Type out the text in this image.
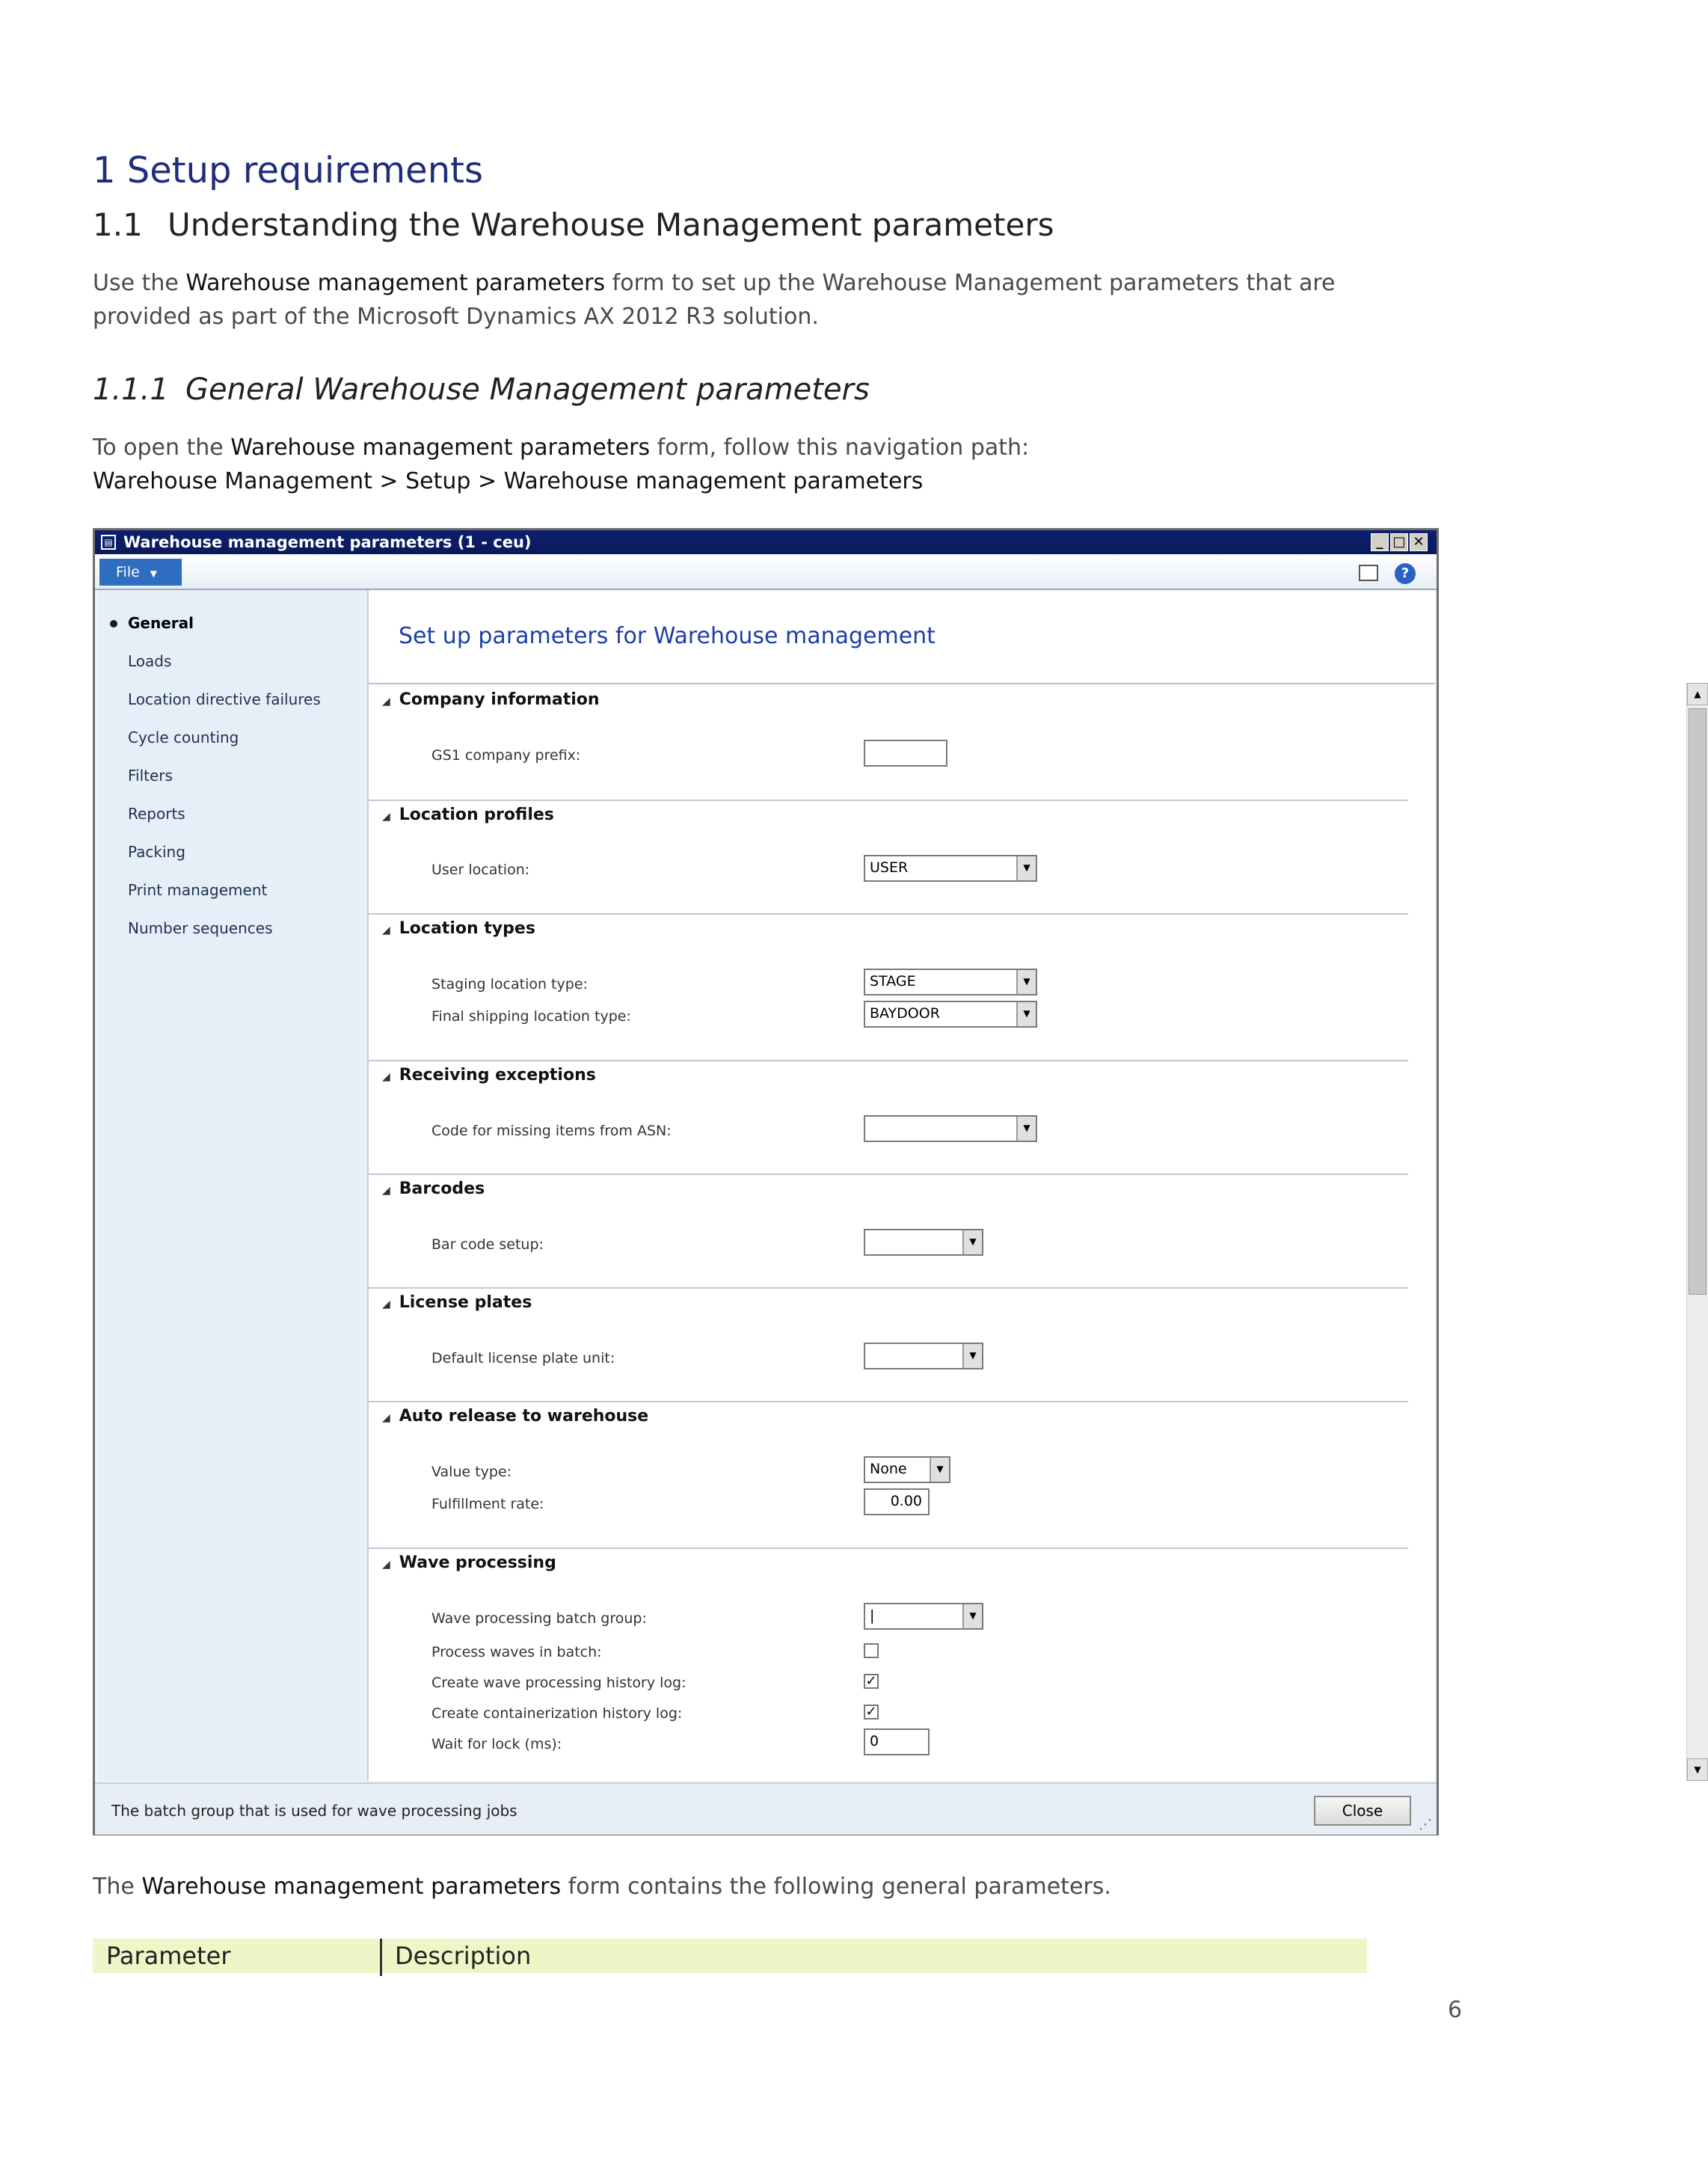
1 Setup requirements
1.1 Understanding the Warehouse Management parameters
Use the Warehouse management parameters form to set up the Warehouse Management parameters that are provided as part of the Microsoft Dynamics AX 2012 R3 solution.
1.1.1 General Warehouse Management parameters
To open the Warehouse management parameters form, follow this navigation path:
Warehouse Management > Setup > Warehouse management parameters
▤ Warehouse management parameters (1 - ceu)	_ □ ✕
File ▼	?
General
Loads
Location directive failures
Cycle counting
Filters
Reports
Packing
Print management
Number sequences
Set up parameters for Warehouse management
◢ Company information
GS1 company prefix:
◢ Location profiles
User location:	USER	▼
◢ Location types
Staging location type:	STAGE	▼
Final shipping location type:	BAYDOOR	▼
◢ Receiving exceptions
Code for missing items from ASN:	▼
◢ Barcodes
Bar code setup:	▼
◢ License plates
Default license plate unit:	▼
◢ Auto release to warehouse
Value type:	None	▼
Fulfillment rate:	0.00
◢ Wave processing
Wave processing batch group:	|	▼
Process waves in batch:
Create wave processing history log:	✓
Create containerization history log:	✓
Wait for lock (ms):	0
▲
▼
The batch group that is used for wave processing jobs	Close
⋰
The Warehouse management parameters form contains the following general parameters.
Parameter	Description
6
